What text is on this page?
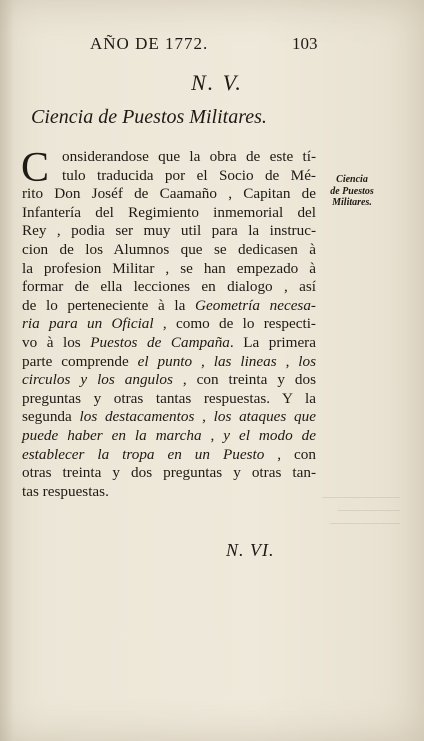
AÑO DE 1772.	103
N. V.
Ciencia de Puestos Militares.
C onsiderandose que la obra de este tí-
tulo traducida por el Socio de Mé-
rito Don Joséf de Caamaño , Capitan de
Infantería del Regimiento inmemorial del
Rey , podia ser muy util para la instruc-
cion de los Alumnos que se dedicasen à
la profesion Militar , se han empezado à
formar de ella lecciones en dialogo , así
de lo perteneciente à la Geometría necesa-
ria para un Oficial , como de lo respecti-
vo à los Puestos de Campaña. La primera
parte comprende el punto , las lineas , los
circulos y los angulos , con treinta y dos
preguntas y otras tantas respuestas. Y la
segunda los destacamentos , los ataques que
puede haber en la marcha , y el modo de
establecer la tropa en un Puesto , con
otras treinta y dos preguntas y otras tan-
tas respuestas.
Ciencia
de Puestos
Militares.
──────────
────────
─────────
N. VI.
